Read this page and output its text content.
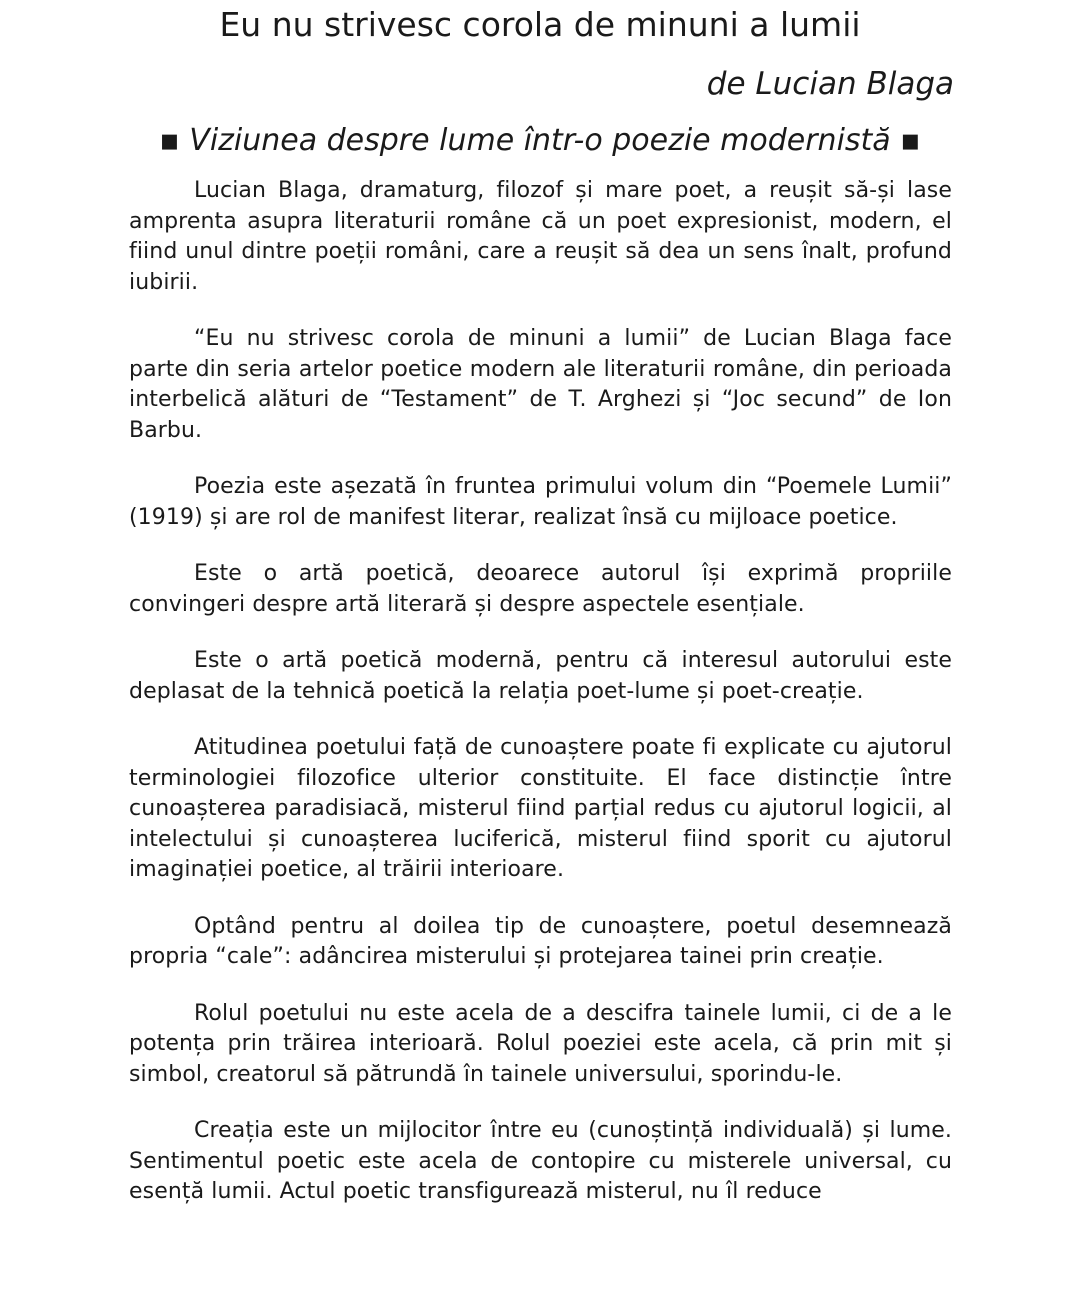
Eu nu strivesc corola de minuni a lumii

de Lucian Blaga

▪ Viziunea despre lume într-o poezie modernistă ▪

Lucian Blaga, dramaturg, filozof și mare poet, a reușit să-și lase amprenta asupra literaturii române că un poet expresionist, modern, el fiind unul dintre poeții români, care a reușit să dea un sens înalt, profund iubirii.

“Eu nu strivesc corola de minuni a lumii” de Lucian Blaga face parte din seria artelor poetice modern ale literaturii române, din perioada interbelică alături de “Testament” de T. Arghezi și “Joc secund” de Ion Barbu.

Poezia este așezată în fruntea primului volum din “Poemele Lumii” (1919) și are rol de manifest literar, realizat însă cu mijloace poetice.

Este o artă poetică, deoarece autorul își exprimă propriile convingeri despre artă literară și despre aspectele esențiale.

Este o artă poetică modernă, pentru că interesul autorului este deplasat de la tehnică poetică la relația poet-lume și poet-creație.

Atitudinea poetului față de cunoaștere poate fi explicate cu ajutorul terminologiei filozofice ulterior constituite. El face distincție între cunoașterea paradisiacă, misterul fiind parțial redus cu ajutorul logicii, al intelectului și cunoașterea luciferică, misterul fiind sporit cu ajutorul imaginației poetice, al trăirii interioare.

Optând pentru al doilea tip de cunoaștere, poetul desemnează propria “cale”: adâncirea misterului și protejarea tainei prin creație.

Rolul poetului nu este acela de a descifra tainele lumii, ci de a le potența prin trăirea interioară. Rolul poeziei este acela, că prin mit și simbol, creatorul să pătrundă în tainele universului, sporindu-le.

Creația este un mijlocitor între eu (cunoștință individuală) și lume. Sentimentul poetic este acela de contopire cu misterele universal, cu esență lumii. Actul poetic transfigurează misterul, nu îl reduce
